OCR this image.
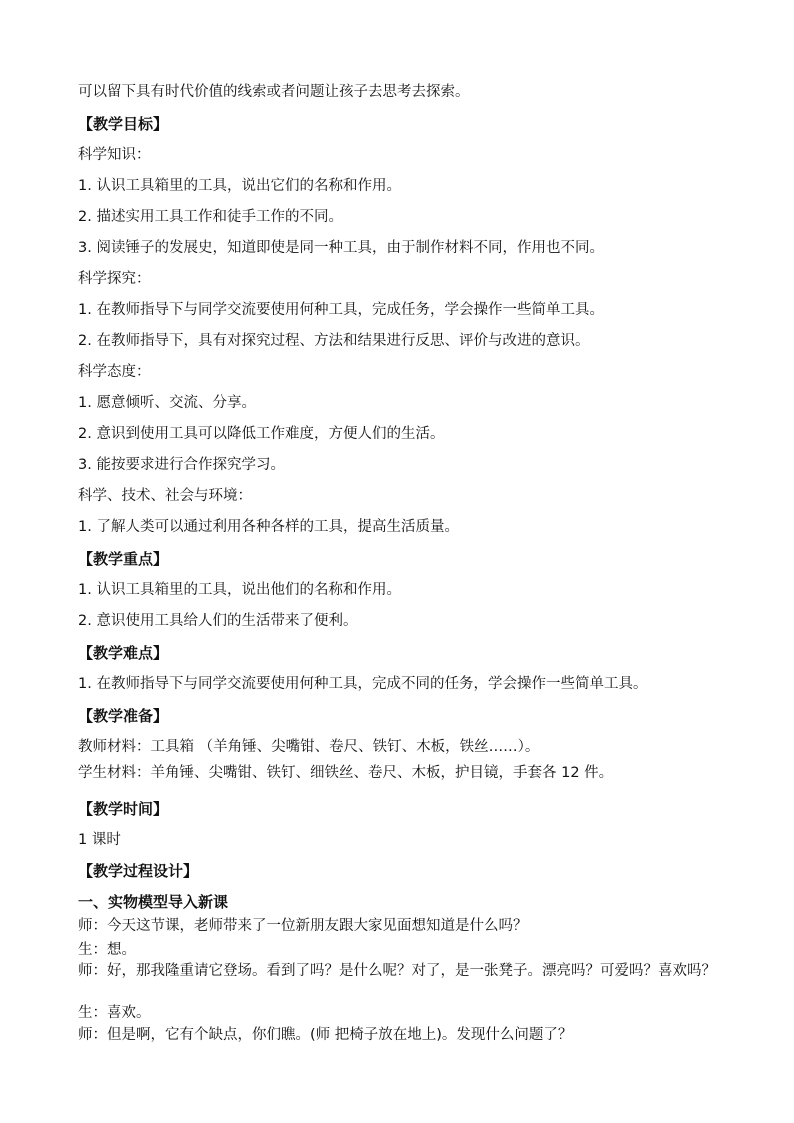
可以留下具有时代价值的线索或者问题让孩子去思考去探索。
【教学目标】
科学知识：
1. 认识工具箱里的工具，说出它们的名称和作用。
2. 描述实用工具工作和徒手工作的不同。
3. 阅读锤子的发展史，知道即使是同一种工具，由于制作材料不同，作用也不同。
科学探究：
1. 在教师指导下与同学交流要使用何种工具，完成任务，学会操作一些简单工具。
2. 在教师指导下，具有对探究过程、方法和结果进行反思、评价与改进的意识。
科学态度：
1. 愿意倾听、交流、分享。
2. 意识到使用工具可以降低工作难度，方便人们的生活。
3. 能按要求进行合作探究学习。
科学、技术、社会与环境：
1. 了解人类可以通过利用各种各样的工具，提高生活质量。
【教学重点】
1. 认识工具箱里的工具，说出他们的名称和作用。
2. 意识使用工具给人们的生活带来了便利。
【教学难点】
1. 在教师指导下与同学交流要使用何种工具，完成不同的任务，学会操作一些简单工具。
【教学准备】
教师材料：工具箱 （羊角锤、尖嘴钳、卷尺、铁钉、木板，铁丝……）。
学生材料：羊角锤、尖嘴钳、铁钉、细铁丝、卷尺、木板，护目镜，手套各 12 件。
【教学时间】
1 课时
【教学过程设计】
一、实物模型导入新课
师：今天这节课，老师带来了一位新朋友跟大家见面想知道是什么吗？
生：想。
师：好，那我隆重请它登场。看到了吗？是什么呢？对了，是一张凳子。漂亮吗？可爱吗？喜欢吗？
生：喜欢。
师：但是啊，它有个缺点，你们瞧。(师 把椅子放在地上)。发现什么问题了？
